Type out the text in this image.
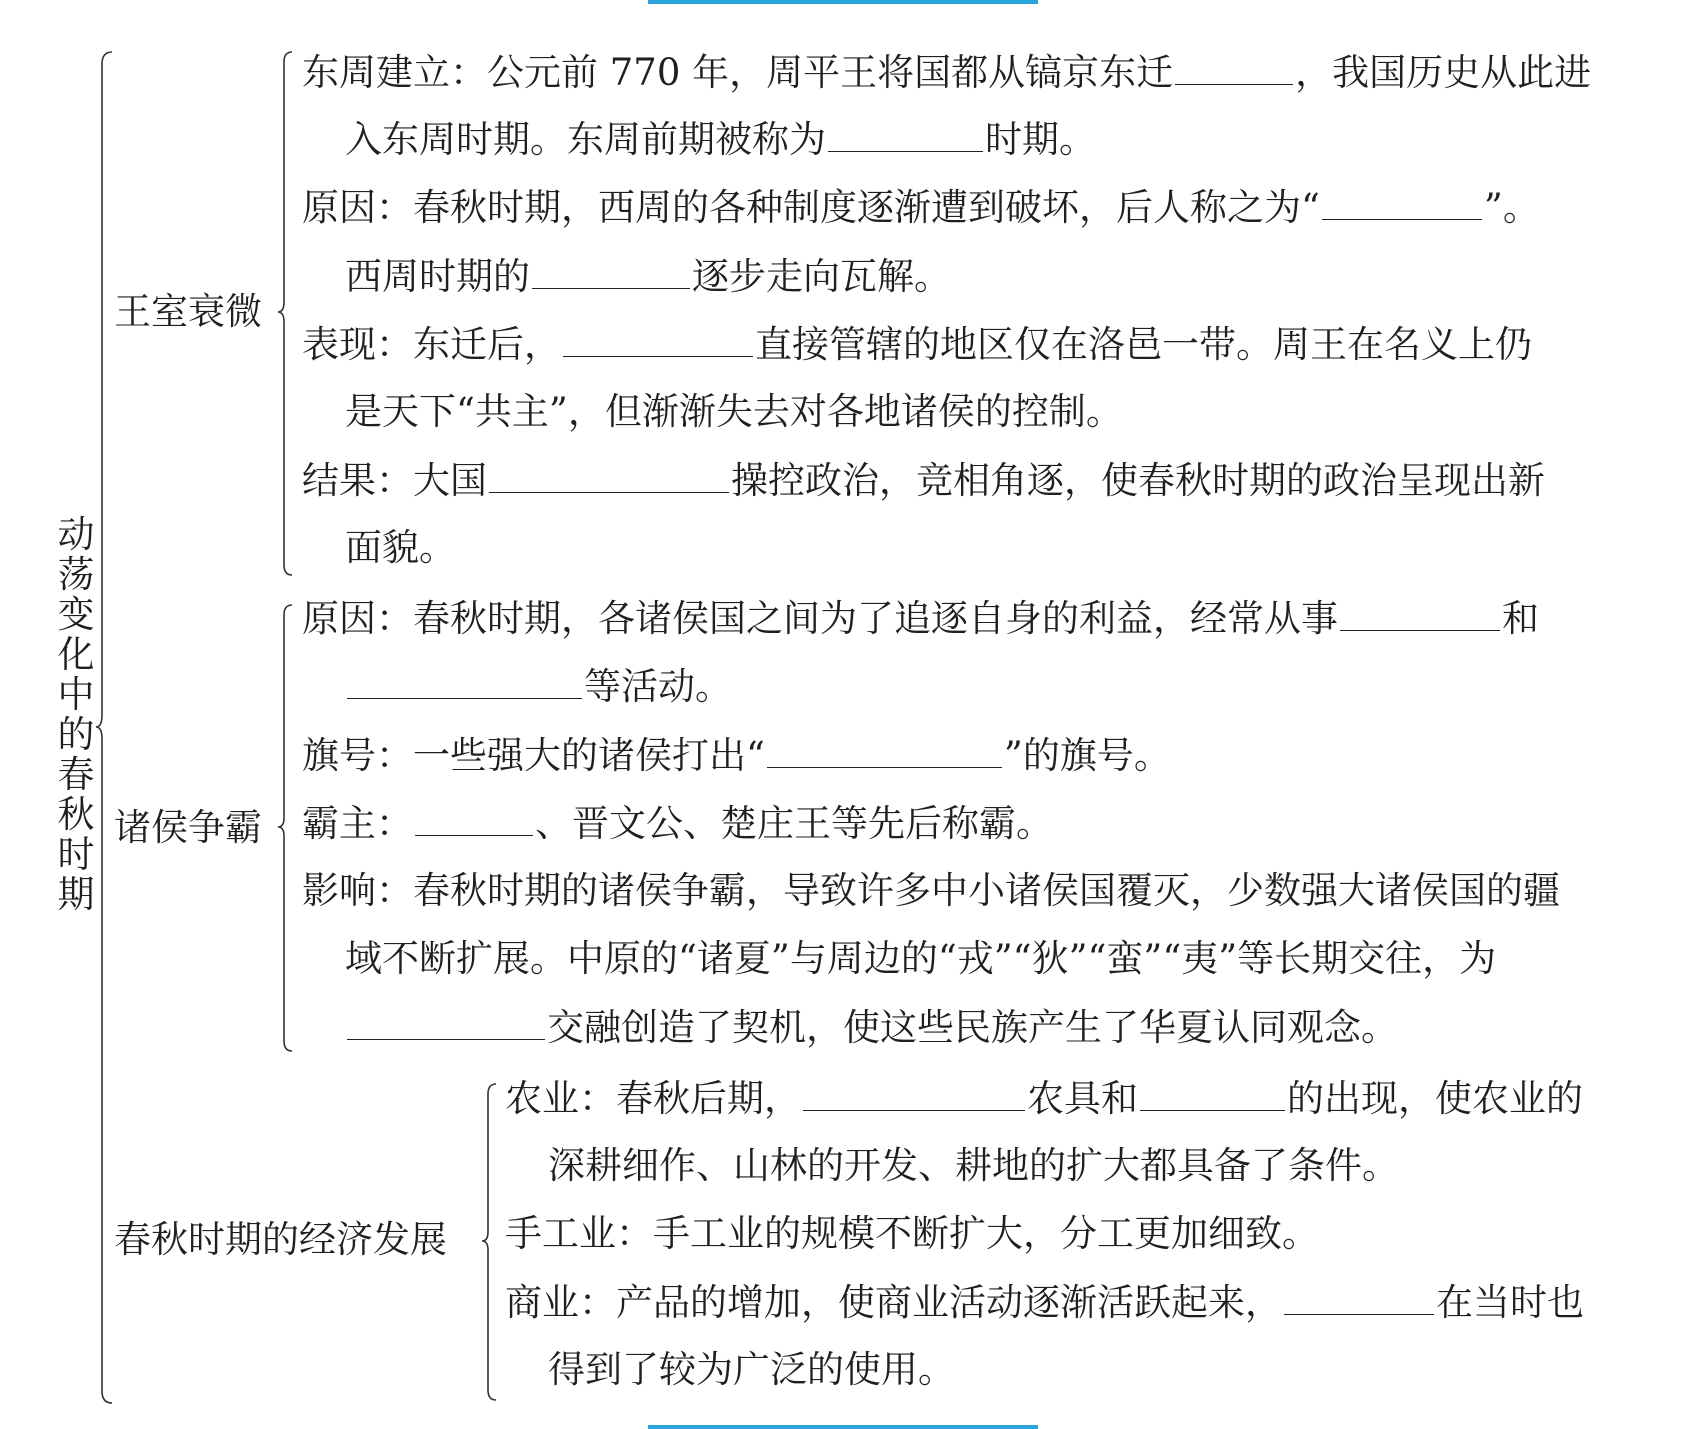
动
荡
变
化
中
的
春
秋
时
期
王室衰微
诸侯争霸
春秋时期的经济发展
东周建立：公元前 770 年，周平王将国都从镐京东迁	，我国历史从此进
入东周时期。东周前期被称为	时期。
原因：春秋时期，西周的各种制度逐渐遭到破坏，后人称之为“	”。
西周时期的	逐步走向瓦解。
表现：东迁后，	直接管辖的地区仅在洛邑一带。周王在名义上仍
是天下“共主”，但渐渐失去对各地诸侯的控制。
结果：大国	操控政治，竞相角逐，使春秋时期的政治呈现出新
面貌。
原因：春秋时期，各诸侯国之间为了追逐自身的利益，经常从事	和
等活动。
旗号：一些强大的诸侯打出“	”的旗号。
霸主：	、晋文公、楚庄王等先后称霸。
影响：春秋时期的诸侯争霸，导致许多中小诸侯国覆灭，少数强大诸侯国的疆
域不断扩展。中原的“诸夏”与周边的“戎”“狄”“蛮”“夷”等长期交往，为
交融创造了契机，使这些民族产生了华夏认同观念。
农业：春秋后期，	农具和	的出现，使农业的
深耕细作、山林的开发、耕地的扩大都具备了条件。
手工业：手工业的规模不断扩大，分工更加细致。
商业：产品的增加，使商业活动逐渐活跃起来，	在当时也
得到了较为广泛的使用。
